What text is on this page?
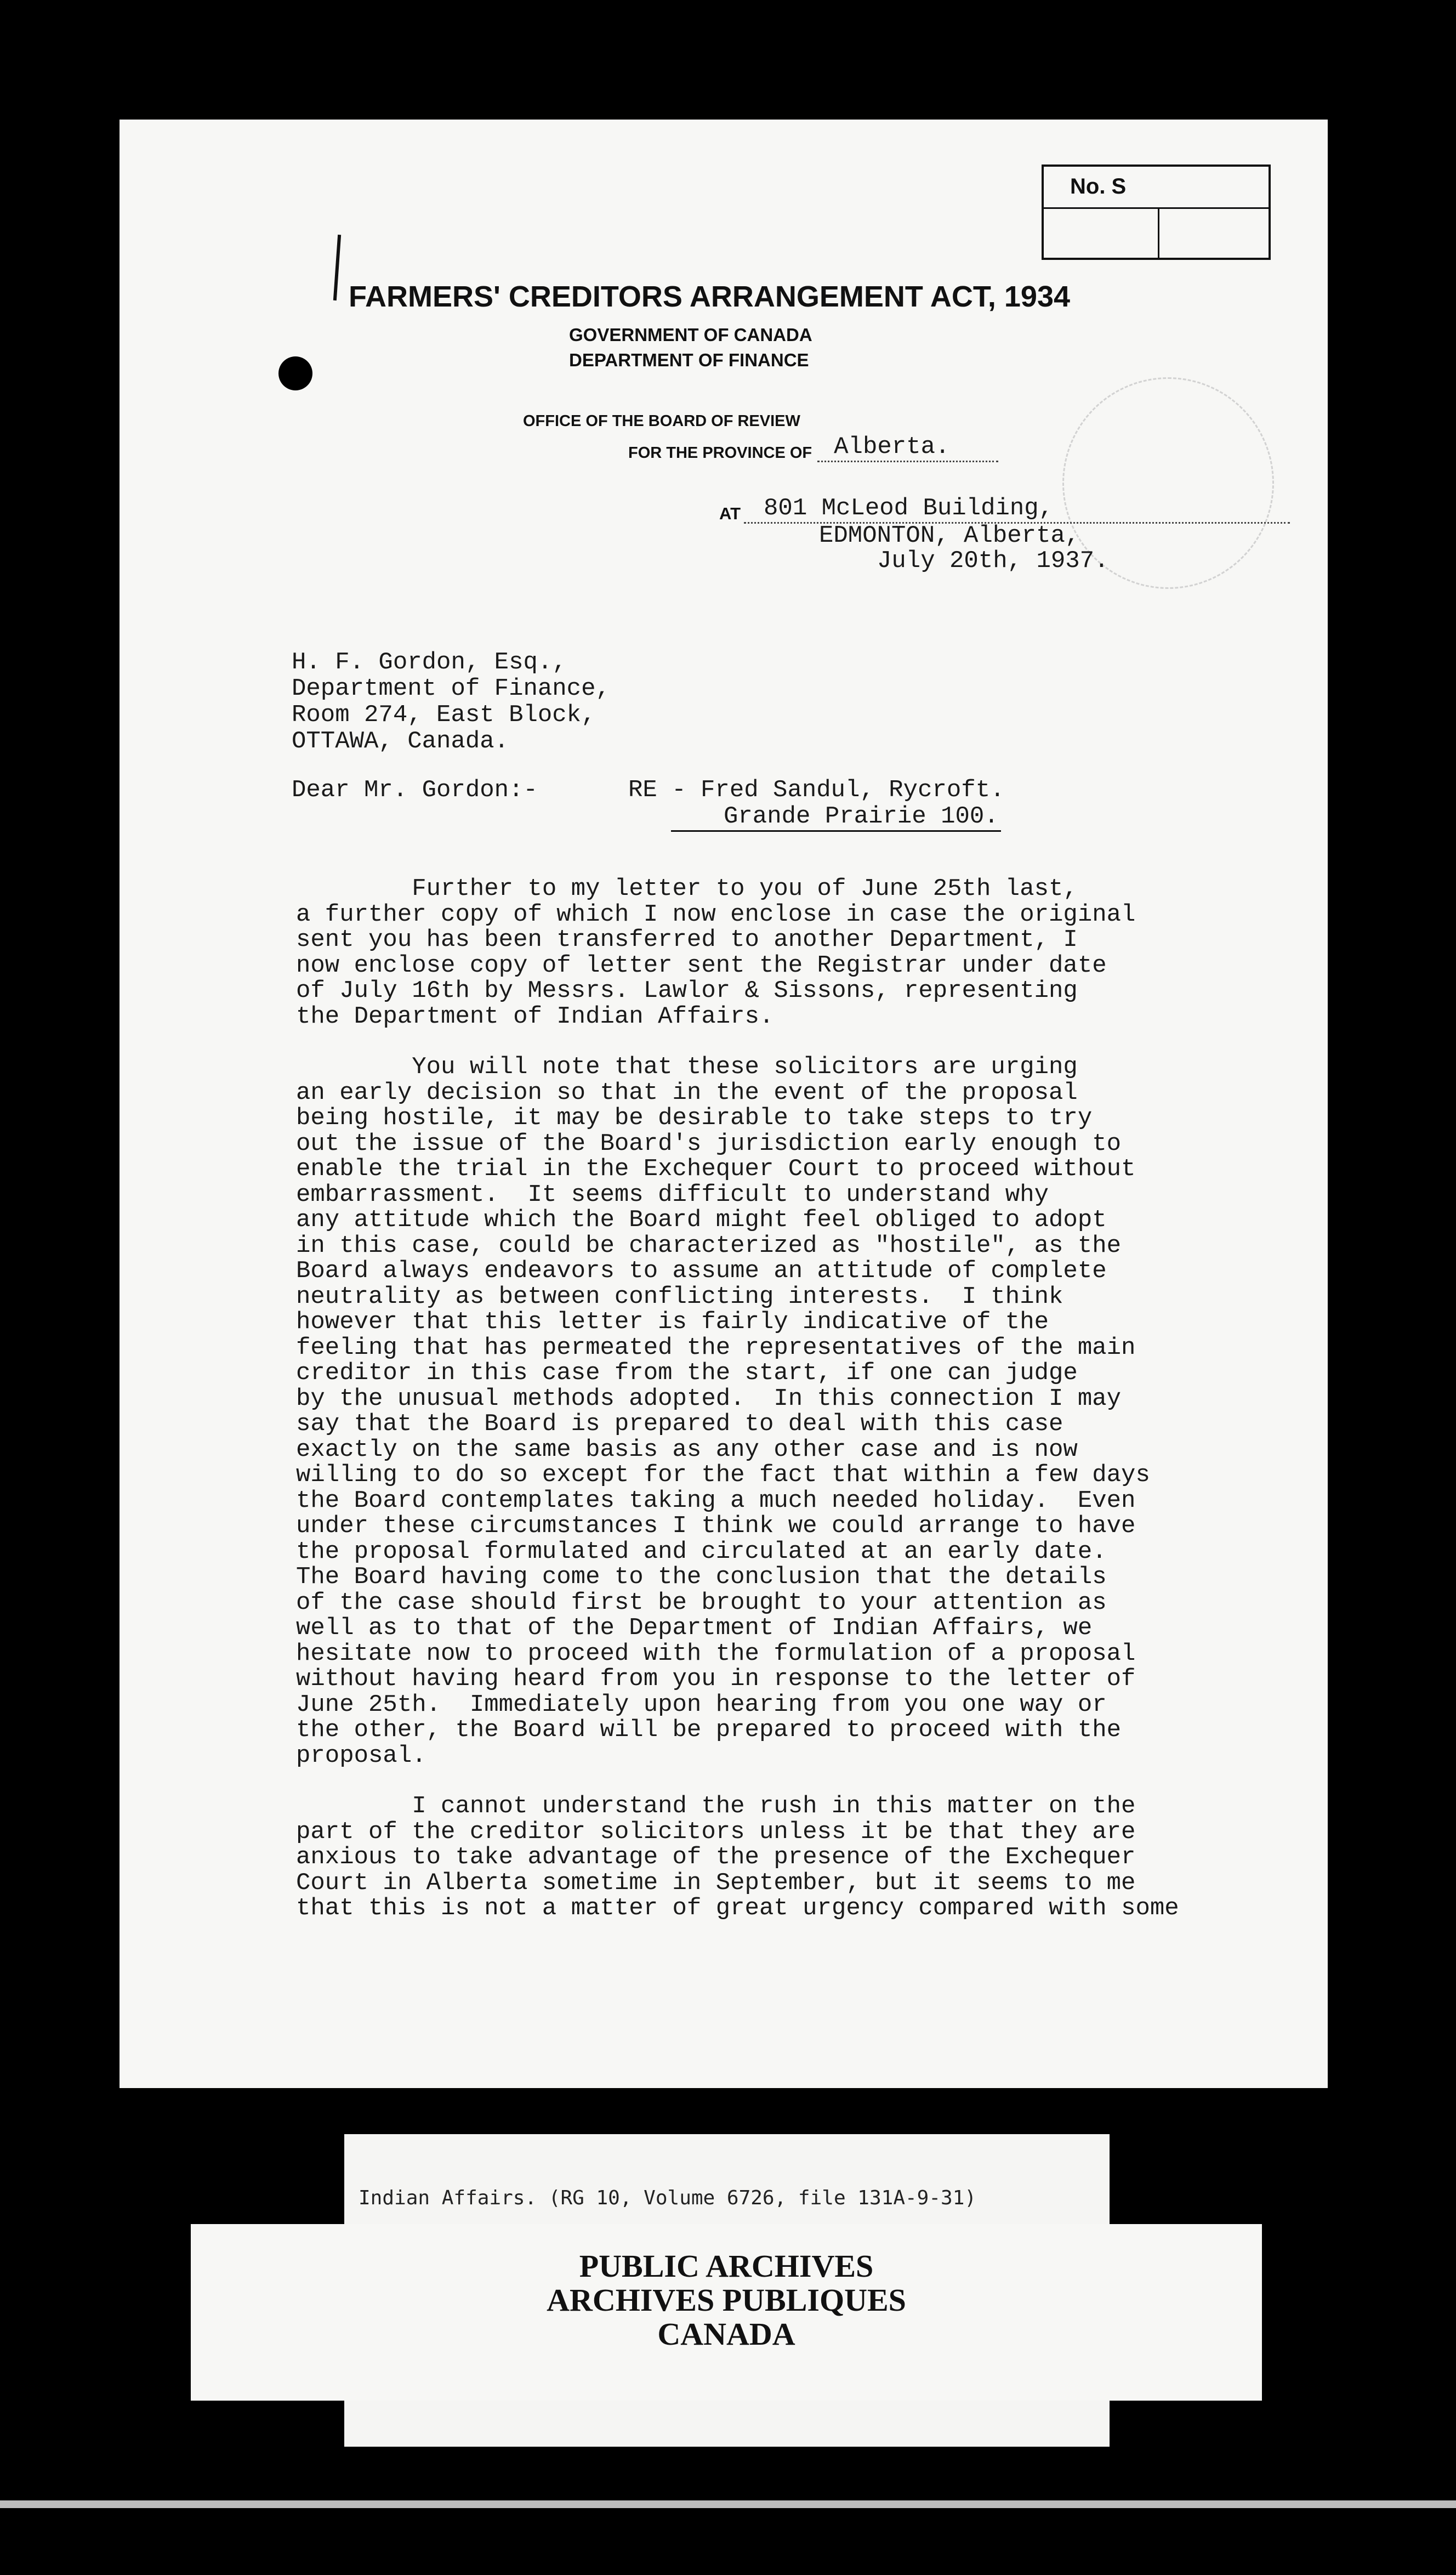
No. S
FARMERS' CREDITORS ARRANGEMENT ACT, 1934
GOVERNMENT OF CANADA
DEPARTMENT OF FINANCE
OFFICE OF THE BOARD OF REVIEW
FOR THE PROVINCE OF Alberta.
AT 801 McLeod Building,
EDMONTON, Alberta,
July 20th, 1937.
H. F. Gordon, Esq.,
Department of Finance,
Room 274, East Block,
OTTAWA, Canada.
Dear Mr. Gordon:-	RE - Fred Sandul, Rycroft.
Grande Prairie 100.

Further to my letter to you of June 25th last,
a further copy of which I now enclose in case the original
sent you has been transferred to another Department, I
now enclose copy of letter sent the Registrar under date
of July 16th by Messrs. Lawlor & Sissons, representing
the Department of Indian Affairs.

You will note that these solicitors are urging
an early decision so that in the event of the proposal
being hostile, it may be desirable to take steps to try
out the issue of the Board's jurisdiction early enough to
enable the trial in the Exchequer Court to proceed without
embarrassment.  It seems difficult to understand why
any attitude which the Board might feel obliged to adopt
in this case, could be characterized as "hostile", as the
Board always endeavors to assume an attitude of complete
neutrality as between conflicting interests.  I think
however that this letter is fairly indicative of the
feeling that has permeated the representatives of the main
creditor in this case from the start, if one can judge
by the unusual methods adopted.  In this connection I may
say that the Board is prepared to deal with this case
exactly on the same basis as any other case and is now
willing to do so except for the fact that within a few days
the Board contemplates taking a much needed holiday.  Even
under these circumstances I think we could arrange to have
the proposal formulated and circulated at an early date.
The Board having come to the conclusion that the details
of the case should first be brought to your attention as
well as to that of the Department of Indian Affairs, we
hesitate now to proceed with the formulation of a proposal
without having heard from you in response to the letter of
June 25th.  Immediately upon hearing from you one way or
the other, the Board will be prepared to proceed with the
proposal.

I cannot understand the rush in this matter on the
part of the creditor solicitors unless it be that they are
anxious to take advantage of the presence of the Exchequer
Court in Alberta sometime in September, but it seems to me
that this is not a matter of great urgency compared with some

Indian Affairs. (RG 10, Volume 6726, file 131A-9-31)
PUBLIC ARCHIVES
ARCHIVES PUBLIQUES
CANADA
